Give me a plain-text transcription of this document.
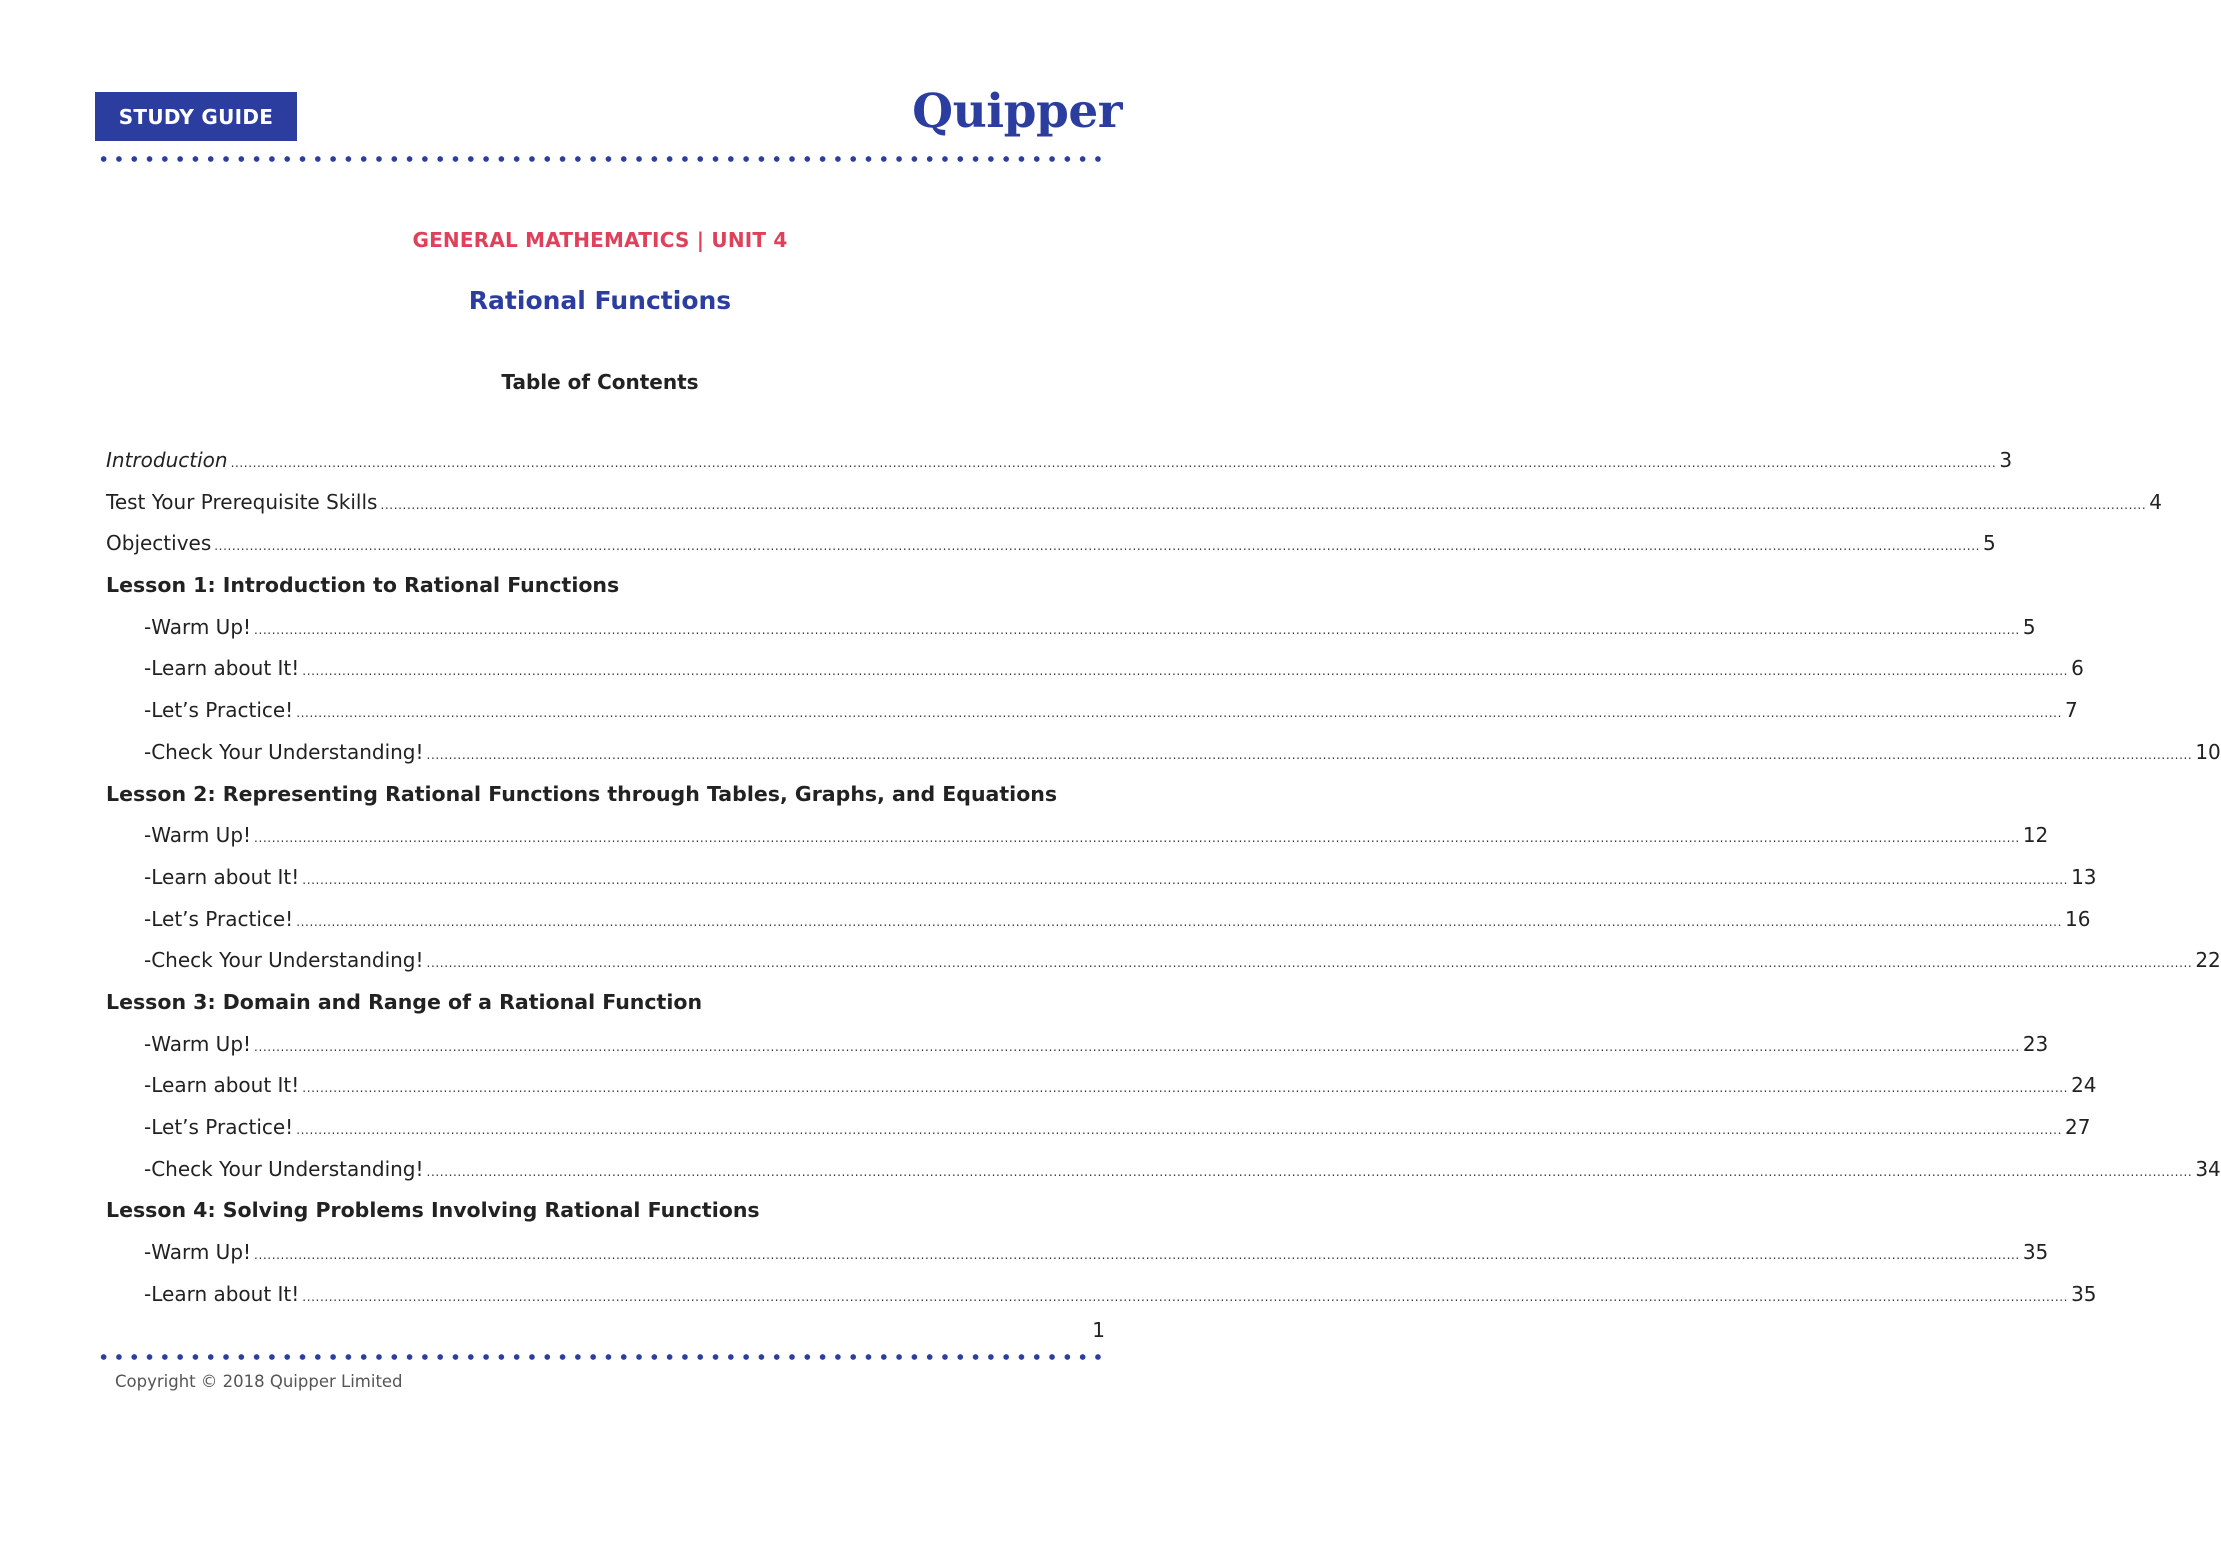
STUDY GUIDE	Quipper
GENERAL MATHEMATICS | UNIT 4
Rational Functions
Table of Contents
Introduction ................................................................................................................................................................................................................................................................................................................................................................................................................ 3
Test Your Prerequisite Skills ................................................................................................................................................................................................................................................................................................................................................................................................................ 4
Objectives ................................................................................................................................................................................................................................................................................................................................................................................................................ 5
Lesson 1: Introduction to Rational Functions
- Warm Up! ................................................................................................................................................................................................................................................................................................................................................................................................................ 5
- Learn about It! ................................................................................................................................................................................................................................................................................................................................................................................................................ 6
- Let’s Practice! ................................................................................................................................................................................................................................................................................................................................................................................................................ 7
- Check Your Understanding! ................................................................................................................................................................................................................................................................................................................................................................................................................ 10
Lesson 2: Representing Rational Functions through Tables, Graphs, and Equations
- Warm Up! ................................................................................................................................................................................................................................................................................................................................................................................................................ 12
- Learn about It! ................................................................................................................................................................................................................................................................................................................................................................................................................ 13
- Let’s Practice! ................................................................................................................................................................................................................................................................................................................................................................................................................ 16
- Check Your Understanding! ................................................................................................................................................................................................................................................................................................................................................................................................................ 22
Lesson 3: Domain and Range of a Rational Function
- Warm Up! ................................................................................................................................................................................................................................................................................................................................................................................................................ 23
- Learn about It! ................................................................................................................................................................................................................................................................................................................................................................................................................ 24
- Let’s Practice! ................................................................................................................................................................................................................................................................................................................................................................................................................ 27
- Check Your Understanding! ................................................................................................................................................................................................................................................................................................................................................................................................................ 34
Lesson 4: Solving Problems Involving Rational Functions
- Warm Up! ................................................................................................................................................................................................................................................................................................................................................................................................................ 35
- Learn about It! ................................................................................................................................................................................................................................................................................................................................................................................................................ 35
1
Copyright © 2018 Quipper Limited
